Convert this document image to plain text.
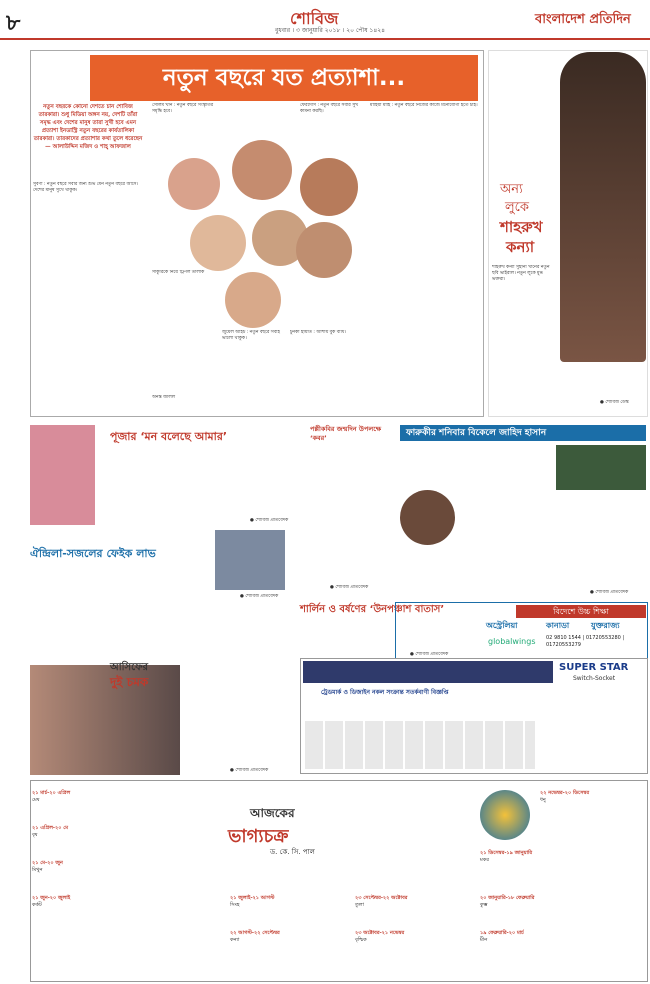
৮	শোবিজ
বুধবার । ৩ জানুয়ারি ২০১৮ । ২০ পৌষ ১৪২৪
বাংলাদেশ প্রতিদিন
নতুন বছরে যত প্রত্যাশা...
নতুন বছরকে কোনো দেশতে চান শোবিজ তারকারা। শুধু মিডিয়া অঙ্গন নয়, দেশটি তাঁরা সমৃদ্ধ এবং দেশের মানুষ তারা সুখী হবে এমন প্রত্যাশা ইনডাস্ট্রি নতুন বছরের কার্যতালিকা তারকারা। তারকাদের প্রত্যাশার কথা তুলে ধরেছেন— আলাউদ্দিন মজিদ ও শাহ্ আফজাল
সুবর্ণা : নতুন বছরে সবার জন্য শুভ যেন নতুন বছরে আসে। দেশের মানুষ সুখে থাকুক।
সেলিম খান : নতুন বছরে সংস্কৃতির সমৃদ্ধি হবে।
ফেরদৌস : নতুন বছরে সবার সুখ কামনা করছি।
মাহিয়া মাহি : নতুন বছরে নিজের কাজে মনোযোগী হতে চাই।
সাকুরিকে নিয়ে ট্রিপল তালাক
জুয়েল আইচ : নতুন বছরে সবাই ভালো থাকুক।
চুনকা হায়াত : আশায় বুক বাঁধি।
অনন্ত জলিল
অন্য
লুকে
শাহরুখ
কন্যা
শাহরুখ কন্যা সুহানা খানের নতুন ছবি ভাইরাল। নতুন লুকে মুগ্ধ ভক্তরা।
● শোবিজ ডেস্ক
পূজার ‘মন বলেছে আমার’
● শোবিজ প্রতিবেদক
পল্লীকবির জন্মদিন উপলক্ষে ‘কবর’
● শোবিজ প্রতিবেদক
ফারুকীর শনিবার বিকেলে জাহিদ হাসান
● শোবিজ প্রতিবেদক
ঐন্দ্রিলা-সজলের ফেইক লাভ
● শোবিজ প্রতিবেদক
শার্লিন ও বর্ষণের ‘উনপঞ্চাশ বাতাস’
● শোবিজ প্রতিবেদক
বিদেশে উচ্চ শিক্ষা
অস্ট্রেলিয়া	কানাডা	যুক্তরাজ্য
globalwings 02 9810 1544 | 01720553280 | 01720553279
আসিফের
দুই চমক
● শোবিজ প্রতিবেদক
SUPER STAR
Switch-Socket
ট্রেডমার্ক ও ডিজাইন নকল সংক্রান্ত সতর্কবাণী বিজ্ঞপ্তি
আজকের
ভাগ্যচক্র
ড. কে. সি. পাল
২১ মার্চ-২০ এপ্রিল
মেষ
২১ এপ্রিল-২০ মে
বৃষ
২১ মে-২০ জুন
মিথুন
২১ জুন-২০ জুলাই
কর্কট
২১ জুলাই-২১ আগস্ট
সিংহ
২২ আগস্ট-২২ সেপ্টেম্বর
কন্যা
২৩ সেপ্টেম্বর-২২ অক্টোবর
তুলা
২৩ অক্টোবর-২১ নভেম্বর
বৃশ্চিক
২২ নভেম্বর-২০ ডিসেম্বর
ধনু
২১ ডিসেম্বর-১৯ জানুয়ারি
মকর
২০ জানুয়ারি-১৮ ফেব্রুয়ারি
কুম্ভ
১৯ ফেব্রুয়ারি-২০ মার্চ
মীন
